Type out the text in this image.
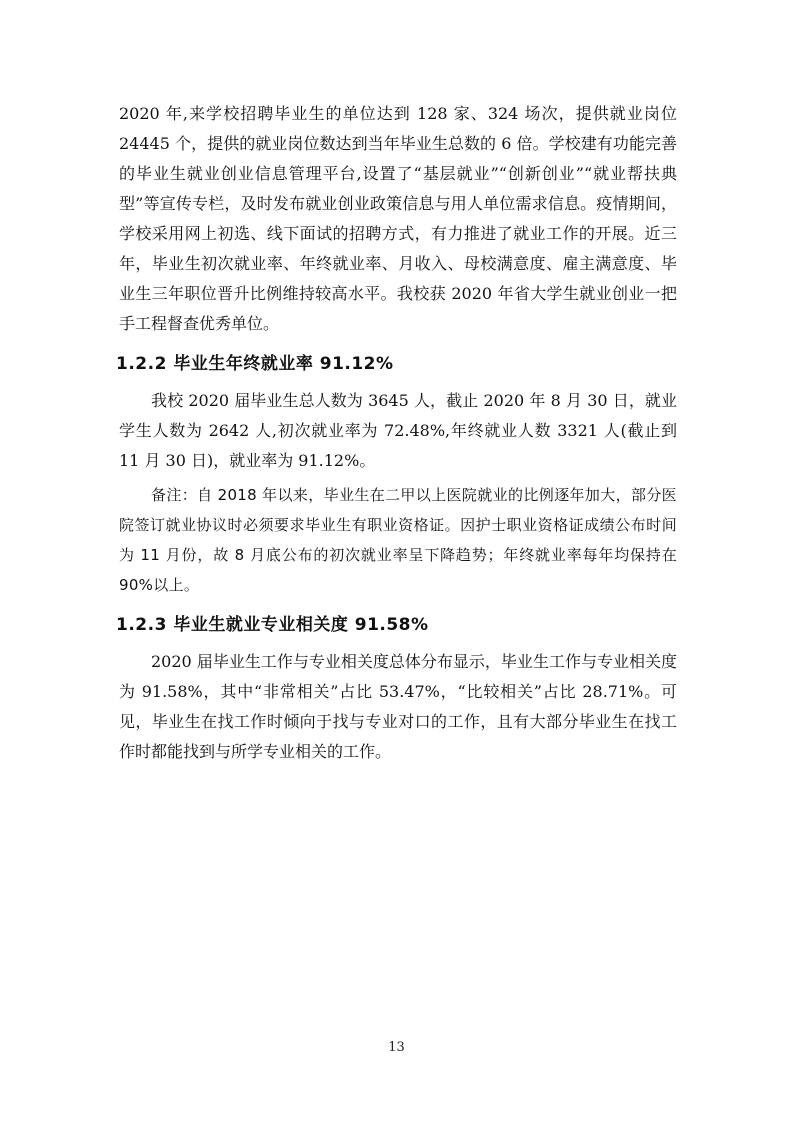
2020 年,来学校招聘毕业生的单位达到 128 家、324 场次，提供就业岗位 24445 个，提供的就业岗位数达到当年毕业生总数的 6 倍。学校建有功能完善的毕业生就业创业信息管理平台,设置了“基层就业”“创新创业”“就业帮扶典型”等宣传专栏，及时发布就业创业政策信息与用人单位需求信息。疫情期间，学校采用网上初选、线下面试的招聘方式，有力推进了就业工作的开展。近三年，毕业生初次就业率、年终就业率、月收入、母校满意度、雇主满意度、毕业生三年职位晋升比例维持较高水平。我校获 2020 年省大学生就业创业一把手工程督查优秀单位。

1.2.2 毕业生年终就业率 91.12%

我校 2020 届毕业生总人数为 3645 人，截止 2020 年 8 月 30 日，就业学生人数为 2642 人,初次就业率为 72.48%,年终就业人数 3321 人(截止到 11 月 30 日)，就业率为 91.12%。

备注：自 2018 年以来，毕业生在二甲以上医院就业的比例逐年加大，部分医院签订就业协议时必须要求毕业生有职业资格证。因护士职业资格证成绩公布时间为 11 月份，故 8 月底公布的初次就业率呈下降趋势；年终就业率每年均保持在 90%以上。

1.2.3 毕业生就业专业相关度 91.58%

2020 届毕业生工作与专业相关度总体分布显示，毕业生工作与专业相关度为 91.58%，其中“非常相关”占比 53.47%，“比较相关”占比 28.71%。可见，毕业生在找工作时倾向于找与专业对口的工作，且有大部分毕业生在找工作时都能找到与所学专业相关的工作。

13
